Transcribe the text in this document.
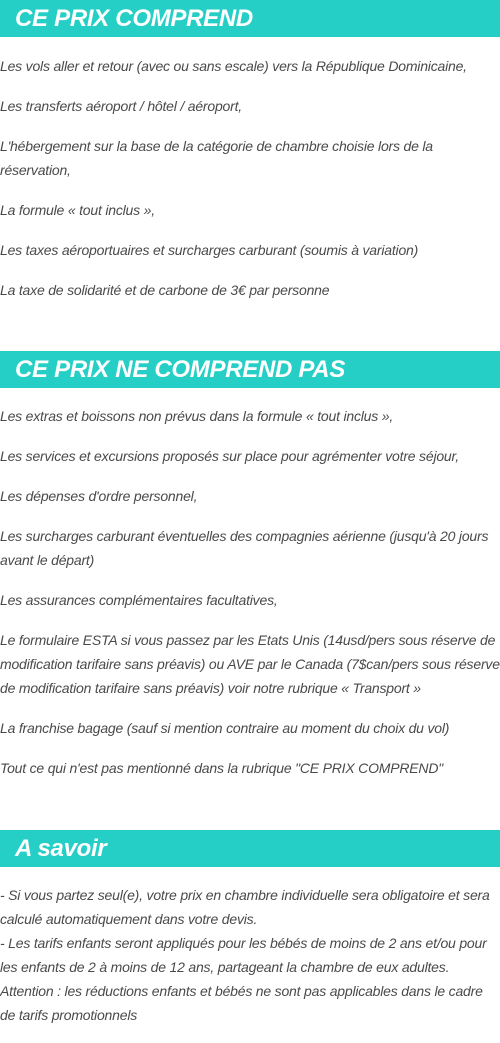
CE PRIX COMPREND

Les vols aller et retour (avec ou sans escale) vers la République Dominicaine,

Les transferts aéroport / hôtel / aéroport,

L'hébergement sur la base de la catégorie de chambre choisie lors de la réservation,

La formule « tout inclus »,

Les taxes aéroportuaires et surcharges carburant (soumis à variation)

La taxe de solidarité et de carbone de 3€ par personne

CE PRIX NE COMPREND PAS

Les extras et boissons non prévus dans la formule « tout inclus »,

Les services et excursions proposés sur place pour agrémenter votre séjour,

Les dépenses d'ordre personnel,

Les surcharges carburant éventuelles des compagnies aérienne (jusqu'à 20 jours avant le départ)

Les assurances complémentaires facultatives,

Le formulaire ESTA si vous passez par les Etats Unis (14usd/pers sous réserve de modification tarifaire sans préavis) ou AVE par le Canada (7$can/pers sous réserve de modification tarifaire sans préavis) voir notre rubrique « Transport »

La franchise bagage (sauf si mention contraire au moment du choix du vol)

Tout ce qui n'est pas mentionné dans la rubrique "CE PRIX COMPREND"

A savoir

- Si vous partez seul(e), votre prix en chambre individuelle sera obligatoire et sera calculé automatiquement dans votre devis.

- Les tarifs enfants seront appliqués pour les bébés de moins de 2 ans et/ou pour les enfants de 2 à moins de 12 ans, partageant la chambre de eux adultes.

Attention : les réductions enfants et bébés ne sont pas applicables dans le cadre de tarifs promotionnels
